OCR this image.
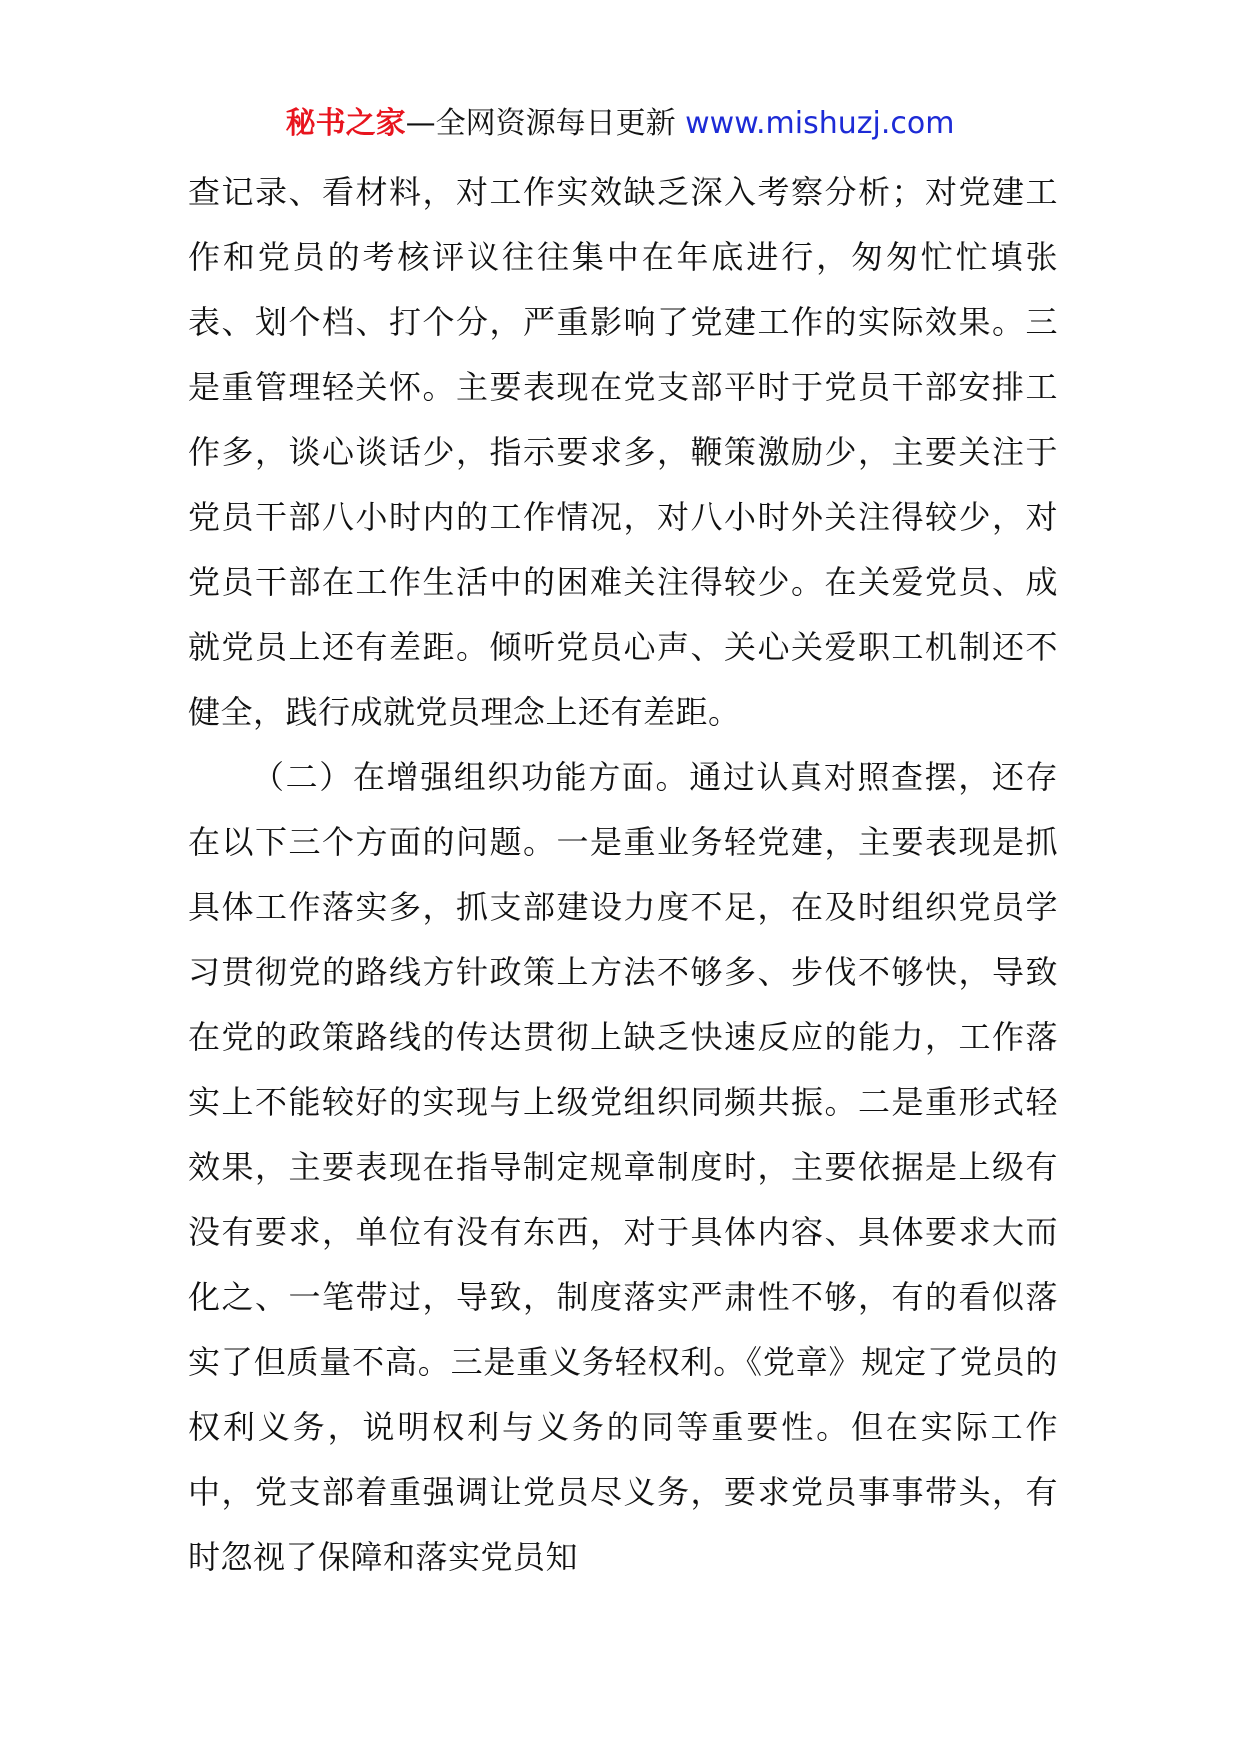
秘书之家—全网资源每日更新 www.mishuzj.com

查记录、看材料，对工作实效缺乏深入考察分析；对党建工作和党员的考核评议往往集中在年底进行，匆匆忙忙填张表、划个档、打个分，严重影响了党建工作的实际效果。三是重管理轻关怀。主要表现在党支部平时于党员干部安排工作多，谈心谈话少，指示要求多，鞭策激励少，主要关注于党员干部八小时内的工作情况，对八小时外关注得较少，对党员干部在工作生活中的困难关注得较少。在关爱党员、成就党员上还有差距。倾听党员心声、关心关爱职工机制还不健全，践行成就党员理念上还有差距。

（二）在增强组织功能方面。通过认真对照查摆，还存在以下三个方面的问题。一是重业务轻党建，主要表现是抓具体工作落实多，抓支部建设力度不足，在及时组织党员学习贯彻党的路线方针政策上方法不够多、步伐不够快，导致在党的政策路线的传达贯彻上缺乏快速反应的能力，工作落实上不能较好的实现与上级党组织同频共振。二是重形式轻效果，主要表现在指导制定规章制度时，主要依据是上级有没有要求，单位有没有东西，对于具体内容、具体要求大而化之、一笔带过，导致，制度落实严肃性不够，有的看似落实了但质量不高。三是重义务轻权利。《党章》规定了党员的权利义务，说明权利与义务的同等重要性。但在实际工作中，党支部着重强调让党员尽义务，要求党员事事带头，有时忽视了保障和落实党员知
